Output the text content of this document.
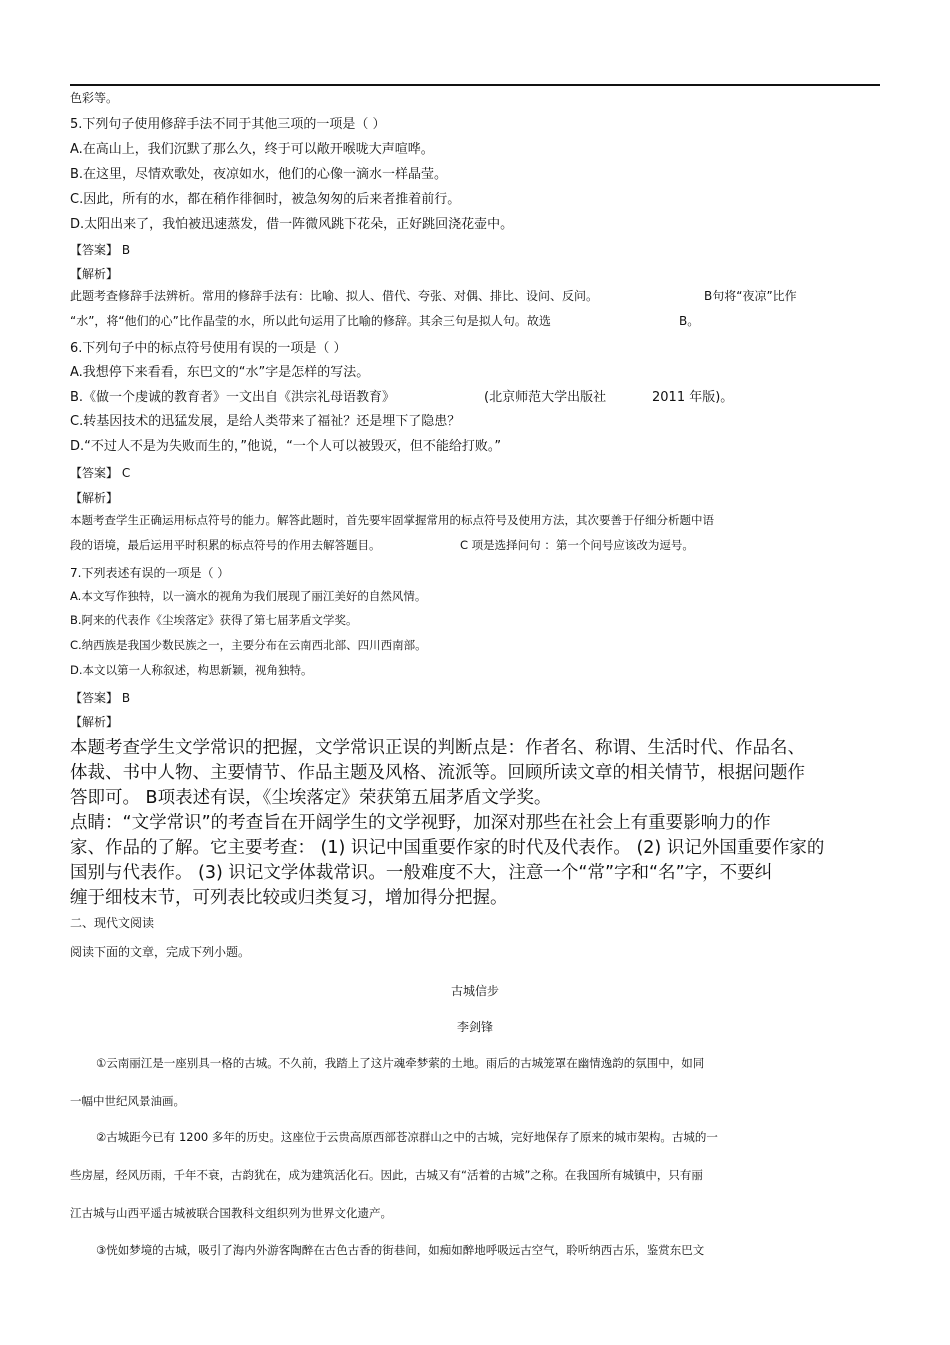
色彩等。
5.下列句子使用修辞手法不同于其他三项的一项是（ ）
A.在高山上，我们沉默了那么久，终于可以敞开喉咙大声喧哗。
B.在这里，尽情欢歌处，夜凉如水，他们的心像一滴水一样晶莹。
C.因此，所有的水，都在稍作徘徊时，被急匆匆的后来者推着前行。
D.太阳出来了，我怕被迅速蒸发，借一阵微风跳下花朵，正好跳回浇花壶中。
【答案】 B
【解析】
此题考查修辞手法辨析。常用的修辞手法有：比喻、拟人、借代、夸张、对偶、排比、设问、反问。	B句将“夜凉”比作
“水”，将“他们的心”比作晶莹的水，所以此句运用了比喻的修辞。其余三句是拟人句。故选	B。
6.下列句子中的标点符号使用有误的一项是（ ）
A.我想停下来看看，东巴文的“水”字是怎样的写法。
B.《做一个虔诚的教育者》一文出自《洪宗礼母语教育》	(北京师范大学出版社	2011 年版)。
C.转基因技术的迅猛发展，是给人类带来了福祉？还是埋下了隐患？
D.“不过人不是为失败而生的，”他说，“一个人可以被毁灭，但不能给打败。”
【答案】 C
【解析】
本题考查学生正确运用标点符号的能力。解答此题时，首先要牢固掌握常用的标点符号及使用方法，其次要善于仔细分析题中语
段的语境，最后运用平时积累的标点符号的作用去解答题目。	C 项是选择问句 ：第一个问号应该改为逗号。
7.下列表述有误的一项是（ ）
A.本文写作独特，以一滴水的视角为我们展现了丽江美好的自然风情。
B.阿来的代表作《尘埃落定》获得了第七届茅盾文学奖。
C.纳西族是我国少数民族之一，主要分布在云南西北部、四川西南部。
D.本文以第一人称叙述，构思新颖，视角独特。
【答案】 B
【解析】
本题考查学生文学常识的把握，文学常识正误的判断点是：作者名、称谓、生活时代、作品名、
体裁、书中人物、主要情节、作品主题及风格、流派等。回顾所读文章的相关情节，根据问题作
答即可。 B项表述有误，《尘埃落定》荣获第五届茅盾文学奖。
点睛：“文学常识”的考查旨在开阔学生的文学视野，加深对那些在社会上有重要影响力的作
家、作品的了解。它主要考查： (1) 识记中国重要作家的时代及代表作。 (2) 识记外国重要作家的
国别与代表作。 (3) 识记文学体裁常识。一般难度不大，注意一个“常”字和“名”字，不要纠
缠于细枝末节，可列表比较或归类复习，增加得分把握。
二、现代文阅读
阅读下面的文章，完成下列小题。
古城信步
李剑锋
①云南丽江是一座别具一格的古城。不久前，我踏上了这片魂牵梦萦的土地。雨后的古城笼罩在幽情逸韵的氛围中，如同
一幅中世纪风景油画。
②古城距今已有 1200 多年的历史。这座位于云贵高原西部苍凉群山之中的古城，完好地保存了原来的城市架构。古城的一
些房屋，经风历雨，千年不衰，古韵犹在，成为建筑活化石。因此，古城又有“活着的古城”之称。在我国所有城镇中，只有丽
江古城与山西平遥古城被联合国教科文组织列为世界文化遗产。
③恍如梦境的古城，吸引了海内外游客陶醉在古色古香的街巷间，如痴如醉地呼吸远古空气，聆听纳西古乐，鉴赏东巴文
